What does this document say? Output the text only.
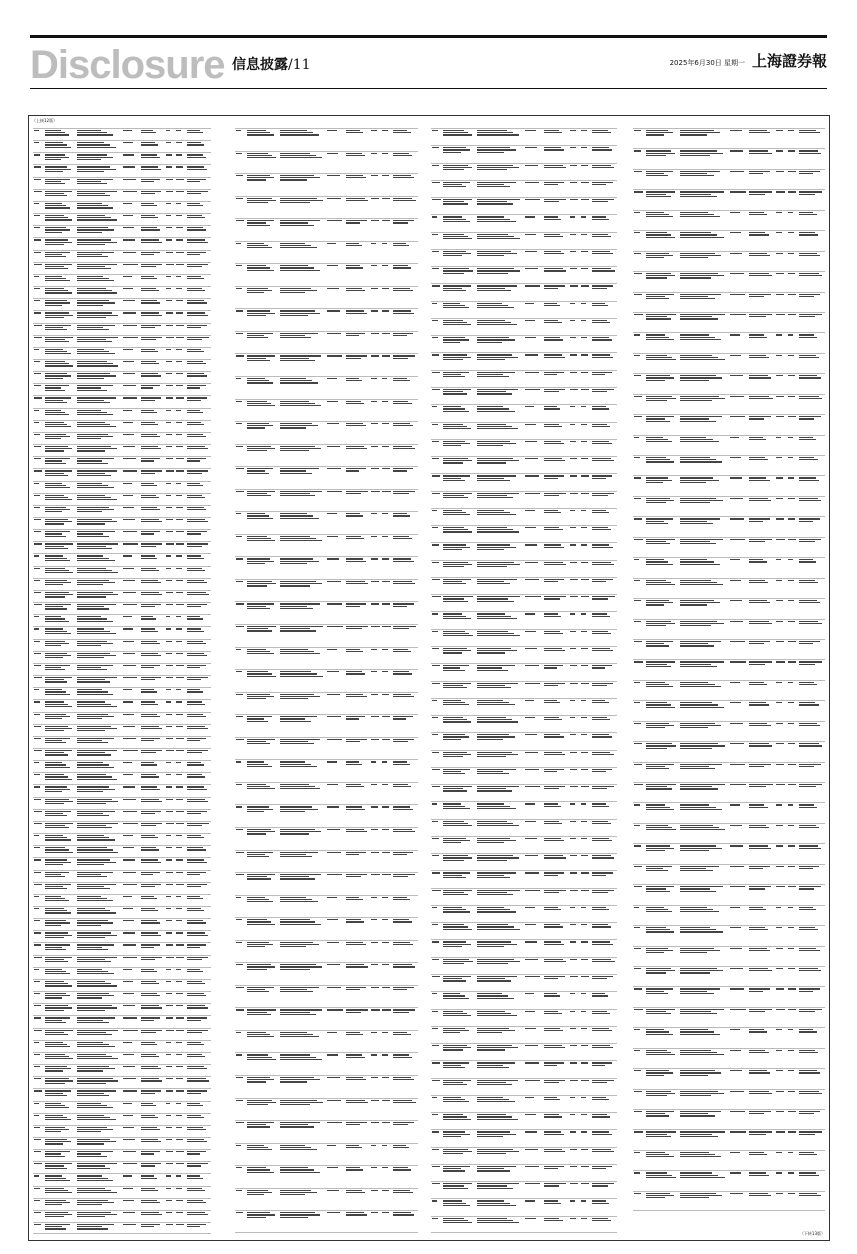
Disclosure 信息披露/11	2025年6月30日 星期一 上海證券報
（上接12版）
（下转13版）
